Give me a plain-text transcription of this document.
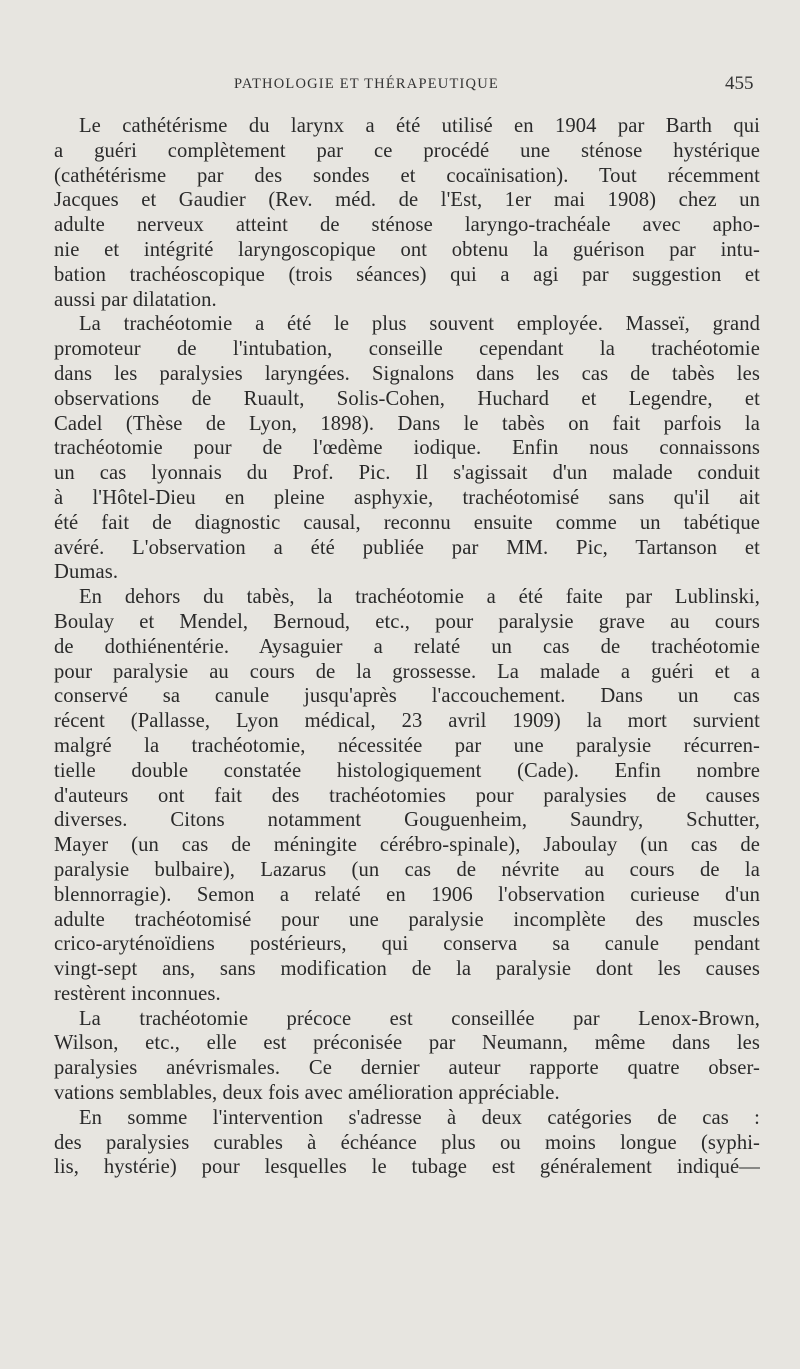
PATHOLOGIE ET THÉRAPEUTIQUE	455
Le cathétérisme du larynx a été utilisé en 1904 par Barth qui
a guéri complètement par ce procédé une sténose hystérique
(cathétérisme par des sondes et cocaïnisation). Tout récemment
Jacques et Gaudier (Rev. méd. de l'Est, 1er mai 1908) chez un
adulte nerveux atteint de sténose laryngo-trachéale avec apho-
nie et intégrité laryngoscopique ont obtenu la guérison par intu-
bation trachéoscopique (trois séances) qui a agi par suggestion et
aussi par dilatation.
La trachéotomie a été le plus souvent employée. Masseï, grand
promoteur de l'intubation, conseille cependant la trachéotomie
dans les paralysies laryngées. Signalons dans les cas de tabès les
observations de Ruault, Solis-Cohen, Huchard et Legendre, et
Cadel (Thèse de Lyon, 1898). Dans le tabès on fait parfois la
trachéotomie pour de l'œdème iodique. Enfin nous connaissons
un cas lyonnais du Prof. Pic. Il s'agissait d'un malade conduit
à l'Hôtel-Dieu en pleine asphyxie, trachéotomisé sans qu'il ait
été fait de diagnostic causal, reconnu ensuite comme un tabétique
avéré. L'observation a été publiée par MM. Pic, Tartanson et
Dumas.
En dehors du tabès, la trachéotomie a été faite par Lublinski,
Boulay et Mendel, Bernoud, etc., pour paralysie grave au cours
de dothiénentérie. Aysaguier a relaté un cas de trachéotomie
pour paralysie au cours de la grossesse. La malade a guéri et a
conservé sa canule jusqu'après l'accouchement. Dans un cas
récent (Pallasse, Lyon médical, 23 avril 1909) la mort survient
malgré la trachéotomie, nécessitée par une paralysie récurren-
tielle double constatée histologiquement (Cade). Enfin nombre
d'auteurs ont fait des trachéotomies pour paralysies de causes
diverses. Citons notamment Gouguenheim, Saundry, Schutter,
Mayer (un cas de méningite cérébro-spinale), Jaboulay (un cas de
paralysie bulbaire), Lazarus (un cas de névrite au cours de la
blennorragie). Semon a relaté en 1906 l'observation curieuse d'un
adulte trachéotomisé pour une paralysie incomplète des muscles
crico-aryténoïdiens postérieurs, qui conserva sa canule pendant
vingt-sept ans, sans modification de la paralysie dont les causes
restèrent inconnues.
La trachéotomie précoce est conseillée par Lenox-Brown,
Wilson, etc., elle est préconisée par Neumann, même dans les
paralysies anévrismales. Ce dernier auteur rapporte quatre obser-
vations semblables, deux fois avec amélioration appréciable.
En somme l'intervention s'adresse à deux catégories de cas :
des paralysies curables à échéance plus ou moins longue (syphi-
lis, hystérie) pour lesquelles le tubage est généralement indiqué—
